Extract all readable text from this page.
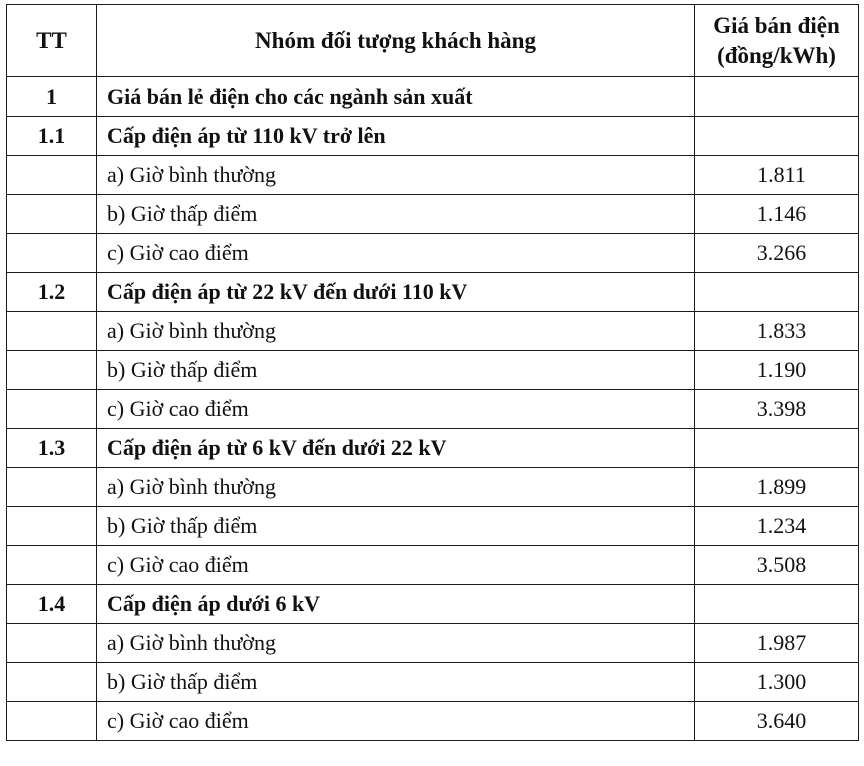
TT	Nhóm đối tượng khách hàng	Giá bán điện
(đồng/kWh)

1	Giá bán lẻ điện cho các ngành sản xuất	
1.1	Cấp điện áp từ 110 kV trở lên	
	a) Giờ bình thường	1.811
	b) Giờ thấp điểm	1.146
	c) Giờ cao điểm	3.266
1.2	Cấp điện áp từ 22 kV đến dưới 110 kV	
	a) Giờ bình thường	1.833
	b) Giờ thấp điểm	1.190
	c) Giờ cao điểm	3.398
1.3	Cấp điện áp từ 6 kV đến dưới 22 kV	
	a) Giờ bình thường	1.899
	b) Giờ thấp điểm	1.234
	c) Giờ cao điểm	3.508
1.4	Cấp điện áp dưới 6 kV	
	a) Giờ bình thường	1.987
	b) Giờ thấp điểm	1.300
	c) Giờ cao điểm	3.640
